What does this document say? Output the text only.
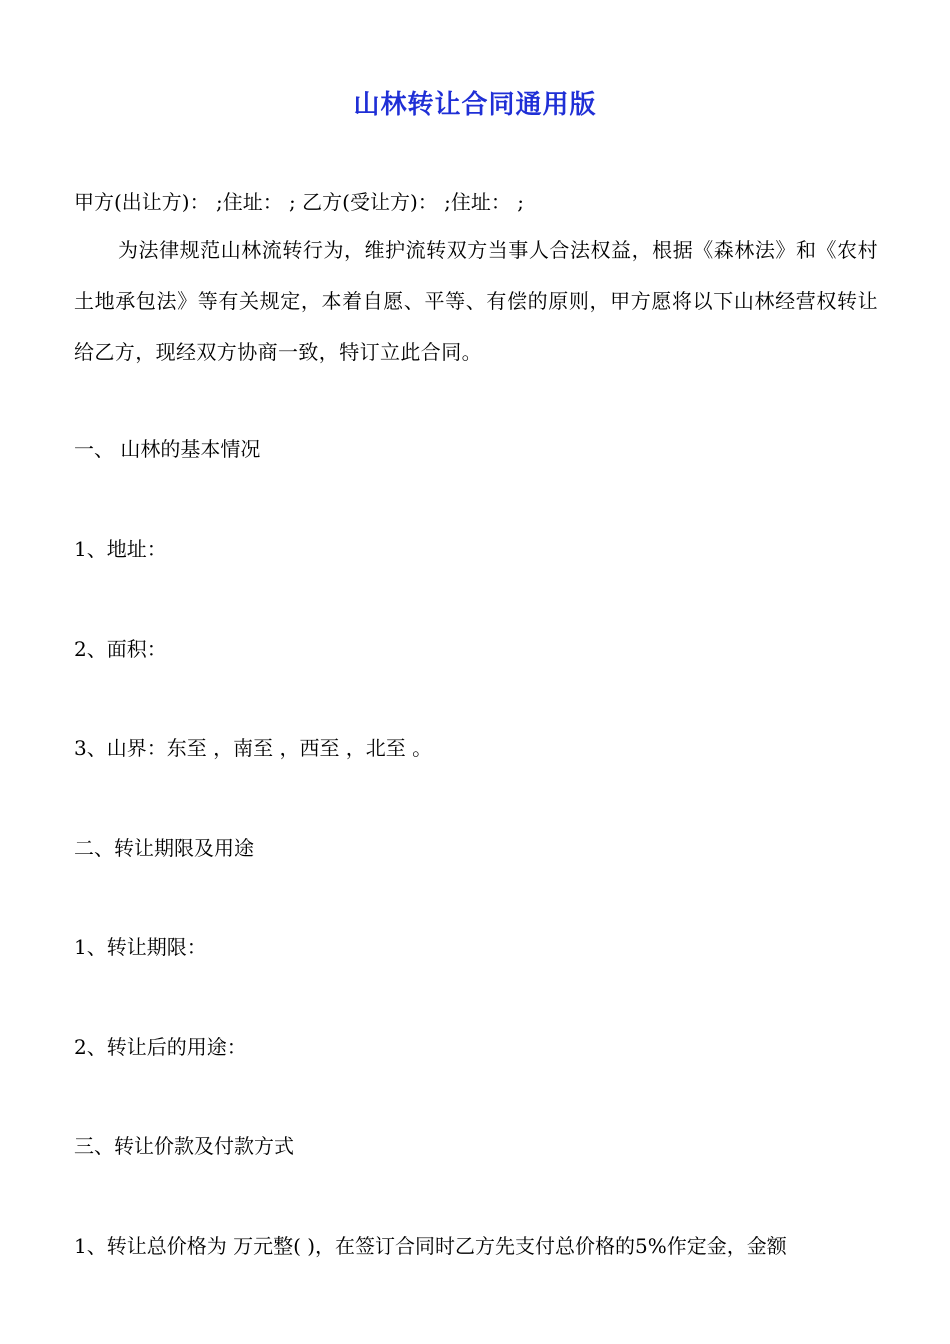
山林转让合同通用版
甲方(出让方)： ;住址： ; 乙方(受让方)： ;住址： ;
为法律规范山林流转行为，维护流转双方当事人合法权益，根据《森林法》和《农村土地承包法》等有关规定，本着自愿、平等、有偿的原则，甲方愿将以下山林经营权转让给乙方，现经双方协商一致，特订立此合同。
一、 山林的基本情况
1、地址：
2、面积：
3、山界：东至 ，南至 ，西至 ，北至 。
二、转让期限及用途
1、转让期限：
2、转让后的用途：
三、转让价款及付款方式
1、转让总价格为 万元整( )，在签订合同时乙方先支付总价格的5%作定金，金额
